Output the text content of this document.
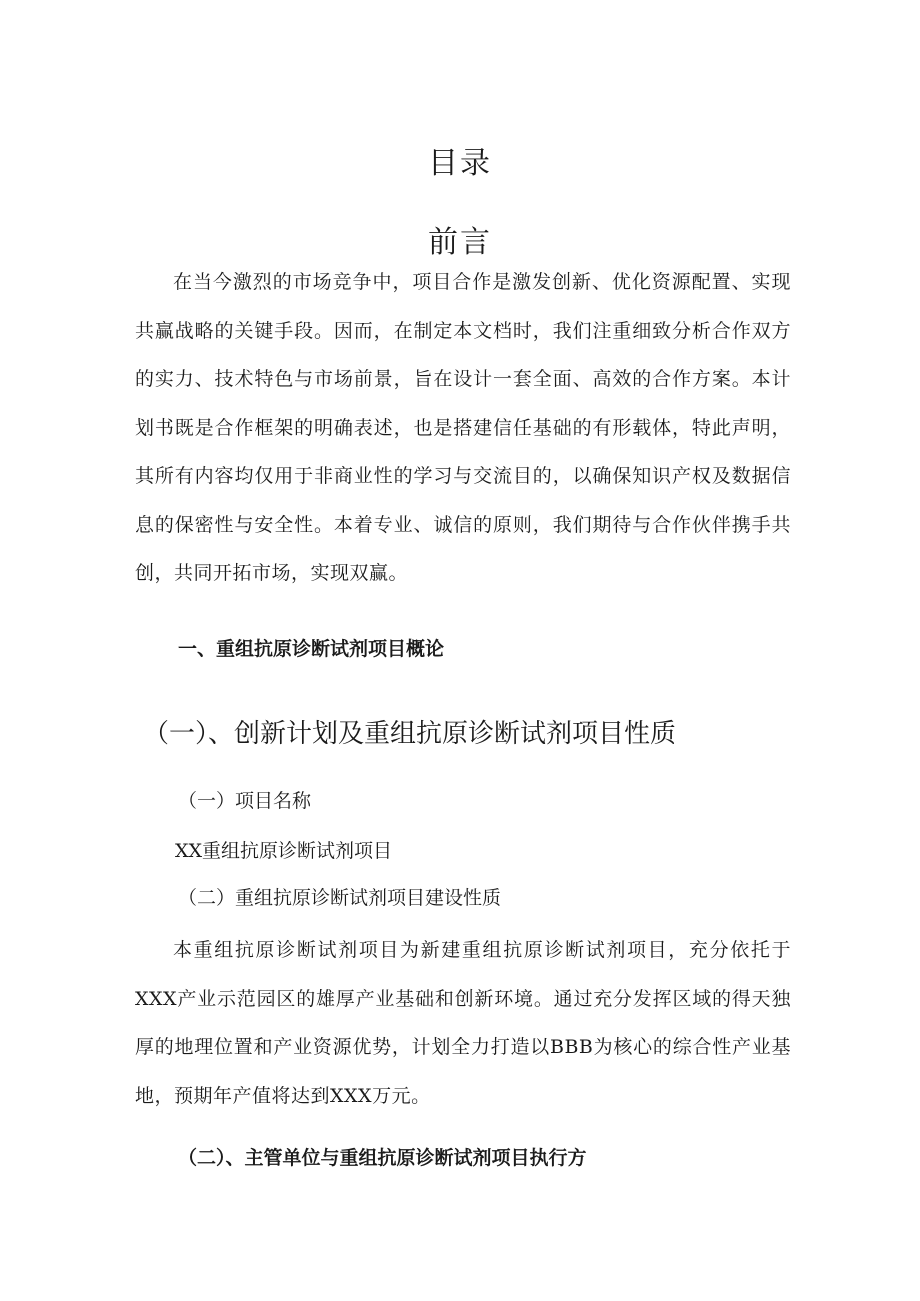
目录
前言

在当今激烈的市场竞争中，项目合作是激发创新、优化资源配置、实现共赢战略的关键手段。因而，在制定本文档时，我们注重细致分析合作双方的实力、技术特色与市场前景，旨在设计一套全面、高效的合作方案。本计划书既是合作框架的明确表述，也是搭建信任基础的有形载体，特此声明，其所有内容均仅用于非商业性的学习与交流目的，以确保知识产权及数据信息的保密性与安全性。本着专业、诚信的原则，我们期待与合作伙伴携手共创，共同开拓市场，实现双赢。

一、重组抗原诊断试剂项目概论
（一）、创新计划及重组抗原诊断试剂项目性质

（一）项目名称

XX重组抗原诊断试剂项目

（二）重组抗原诊断试剂项目建设性质

本重组抗原诊断试剂项目为新建重组抗原诊断试剂项目，充分依托于XXX产业示范园区的雄厚产业基础和创新环境。通过充分发挥区域的得天独厚的地理位置和产业资源优势，计划全力打造以BBB为核心的综合性产业基地，预期年产值将达到XXX万元。

（二）、主管单位与重组抗原诊断试剂项目执行方
